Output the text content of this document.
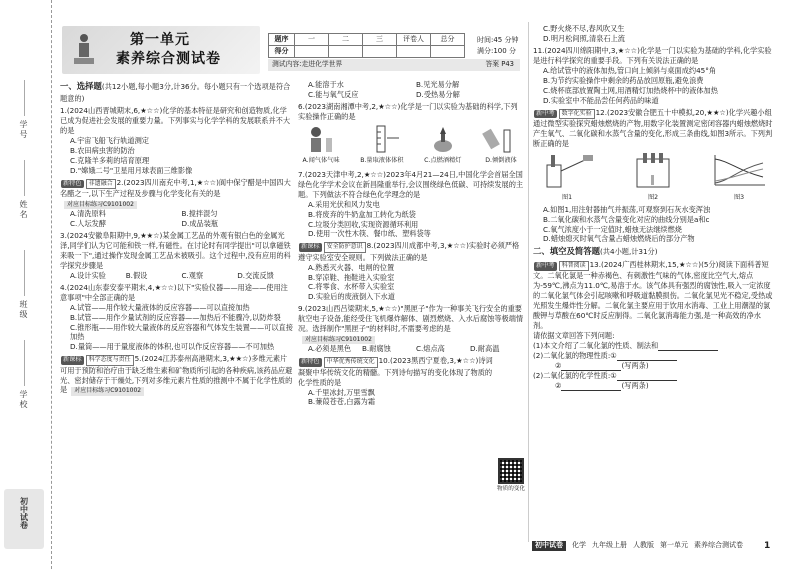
学号
姓名
班级
学校
初中试卷
第一单元
素养综合测试卷
题序	一	二	三	评卷人	总分
得分					
时间:45 分钟
满分:100 分
测试内容:走进化学世界	答案 P43
一、选择题(共12小题,每小题3分,计36分。每小题只有一个选项是符合题意的)
1.(2024山西晋城期末,6,★☆☆)化学的基本特征是研究和创造物质,化学已成为促进社会发展的重要力量。下列事实与化学学科的发展联系并不大的是
A.宇宙飞船飞行轨道测定
B.农田病虫害的防治
C.克隆羊多莉的培育原理
D."嫦娥二号"卫星用月球表面三维影像
新特色 非遗融合 2.(2023四川南充中考,1,★☆☆)阆中保宁醋是中国四大名醋之一,以下生产过程及步骤与化学变化有关的是
对应目标练习C9101002
A.清洗原料	B.搅拌混匀
C.人坛发酵	D.成品装瓶
3.(2024安徽阜阳期中,9,★★☆)某金属工艺品的外观有银白色的金属光泽,同学们认为它可能和铁一样,有磁性。在讨论时有同学提出"可以拿磁铁来吸一下",通过操作发现金属工艺品未被吸引。这个过程中,没有应用的科学探究步骤是
A.设计实验	B.假设	C.观察	D.交流反馈
4.(2024山东泰安泰平期末,4,★☆☆)以下"实验仪器——用途——使用注意事项"中全部正确的是
A.试管——用作较大量液体的反应容器——可以直接加热
B.试管——用作少量试剂的反应容器——加热后不能骤冷,以防炸裂
C.锥形瓶——用作较大量液体的反应容器和气体发生装置——可以直接加热
D.量筒——用于量度液体的体积,也可以作反应容器——不可加热
新课标 科学态度与责任 5.(2024江苏泰州高港期末,3,★★☆)多维元素片可用于预防和治疗由于缺乏维生素和矿物质所引起的各种疾病,该药品应避光、密封储存于干燥处,下列对多维元素片性质的推测中不属于化学性质的是 对应目标练习C9101002
A.能溶于水	B.见光易分解
C.能与氧气反应	D.受热易分解
6.(2023湖南湘潭中考,2,★☆☆)化学是一门以实验为基础的科学,下列实验操作正确的是
A.闻气体气味	B.量取液体体积	C.点燃酒精灯	D.倾倒液体
7.(2023天津中考,2,★☆☆)2023年4月21—24日,中国化学会首届全国绿色化学学术会议在新昌隆重举行,会议围绕绿色低碳、可持续发展的主题。下列做法不符合绿色化学理念的是
A.采用光伏和风力发电
B.将废弃的牛奶盒加工转化为纸袋
C.垃圾分类回收,实现资源循环利用
D.使用一次性木筷、餐巾纸、塑料袋等
新课标 安全防护意识 8.(2023四川成都中考,3,★☆☆)实验时必须严格遵守实验室安全规则。下列做法正确的是
A.熟悉灭火器、电闸的位置
B.穿凉鞋、拖鞋进入实验室
C.将零食、水杯带入实验室
D.实验后的废液倒入下水道
9.(2023山西吕梁期末,5,★☆☆)"黑匣子"作为一种事关飞行安全的重要航空电子设备,能经受住飞机爆炸解体、剧烈燃烧、入水后腐蚀等极端情况。选择制作"黑匣子"的材料时,不需要考虑的是
对应目标练习C9101002
A.必须是黑色	B.耐腐蚀	C.熔点高	D.耐高温
新特色 中华优秀传统文化 10.(2023黑西宁夏卷,3,★☆☆)诗词凝聚中华传统文化的精髓。下列诗句描写的变化体现了物质的化学性质的是
A.千里冰封,万里雪飘
B.蒹葭苍苍,白露为霜
物质的变化
C.野火烧不尽,春风吹又生
D.明月松间照,清泉石上流
11.(2024四川绵阳期中,3,★☆☆)化学是一门以实验为基础的学科,化学实验是进行科学探究的重要手段。下列有关说法正确的是
A.给试管中的液体加热,管口向上倾斜与桌面成约45°角
B.为节约实验操作中剩余的药品放回原瓶,避免浪费
C.烧杯底部放置陶土网,用酒精灯加热烧杯中的液体加热
D.实验室中不能品尝任何药品的味道
新中考 数字化实验 12.(2023安徽合肥五十中模拟,20,★★☆)化学兴趣小组通过微型实验探究蜡烛燃烧的产物,用数字化装置测定密闭容器内蜡烛燃烧时产生氧气、二氧化碳和水蒸气含量的变化,形成三条曲线,如图3所示。下列判断正确的是
图1	图2	图3
A.如图1,用注射器抽气并振荡,可观察到石灰水变浑浊
B.二氧化碳和水蒸气含量变化对应的曲线分别是a和c
C.氧气浓度小于一定值时,蜡烛无法继续燃烧
D.蜡烛熄灭时氧气含量占蜡烛燃烧后的部分产物
二、填空及简答题(共4小题,计31分)
新中考 科普阅读 13.(2024广西桂林期末,15,★☆☆)(5分)阅读下面科普短文。二氧化氯是一种赤褐色、有刺激性气味的气体,密度比空气大,熔点为-59℃,沸点为11.0℃,易溶于水。该气体具有强烈的腐蚀性,吸入一定浓度的二氧化氯气体会引起咳嗽和呼吸道黏膜损伤。二氧化氯见光不稳定,受热或光照发生爆炸性分解。二氧化氯主要应用于饮用水消毒、工业上用潮湿的氯酸钾与草酸在60℃时反应制得。二氧化氯消毒能力强,是一种高效的净水剂。
请依据文章回答下列问题:
(1)本文介绍了二氧化氯的性质、制法和
(2)二氧化氯的物理性质:①
②	(写两条)
(2)二氧化氯的化学性质:①
②	(写两条)
初中试卷	化学 九年级上册 人教版 第一单元 素养综合测试卷 1
